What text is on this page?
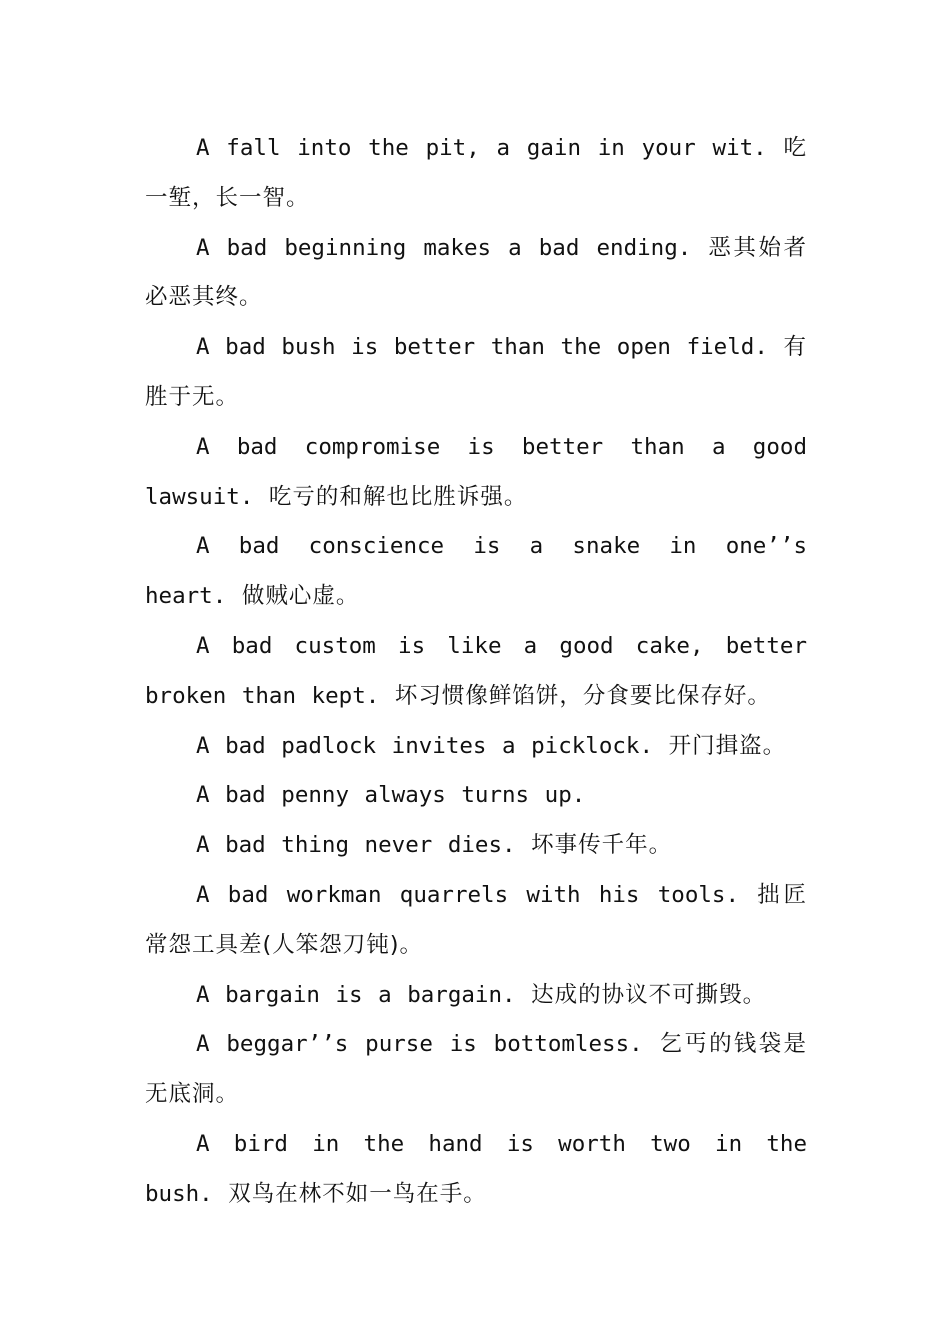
A fall into the pit, a gain in your wit. 吃一堑，长一智。

A bad beginning makes a bad ending. 恶其始者必恶其终。

A bad bush is better than the open field. 有胜于无。

A bad compromise is better than a good lawsuit. 吃亏的和解也比胜诉强。

A bad conscience is a snake in one’’s heart. 做贼心虚。

A bad custom is like a good cake, better broken than kept. 坏习惯像鲜馅饼，分食要比保存好。

A bad padlock invites a picklock. 开门揖盗。

A bad penny always turns up.

A bad thing never dies. 坏事传千年。

A bad workman quarrels with his tools. 拙匠常怨工具差(人笨怨刀钝)。

A bargain is a bargain. 达成的协议不可撕毁。

A beggar’’s purse is bottomless. 乞丐的钱袋是无底洞。

A bird in the hand is worth two in the bush. 双鸟在林不如一鸟在手。
